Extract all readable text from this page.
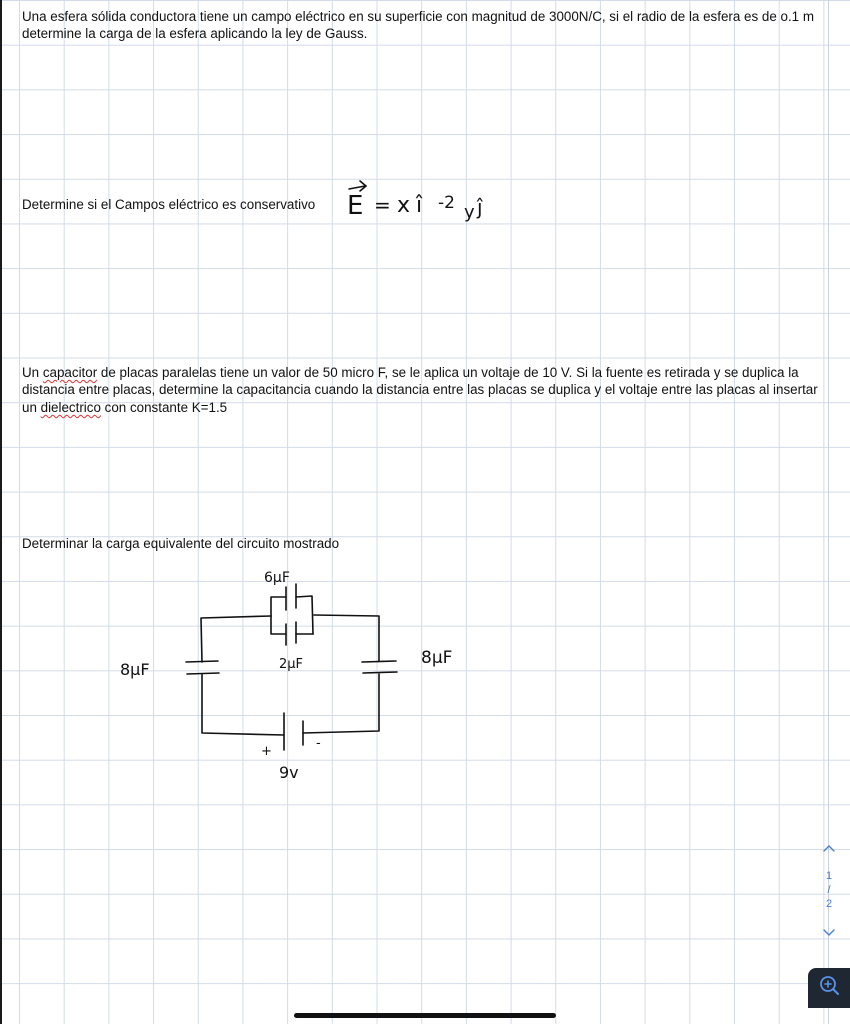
Una esfera sólida conductora tiene un campo eléctrico en su superficie con magnitud de 3000N/C, si el radio de la esfera es de o.1 m determine la carga de la esfera aplicando la ley de Gauss.

Determine si el Campos eléctrico es conservativo

Un capacitor de placas paralelas tiene un valor de 50 micro F, se le aplica un voltaje de 10 V. Si la fuente es retirada y se duplica la distancia entre placas, determine la capacitancia cuando la distancia entre las placas se duplica y el voltaje entre las placas al insertar un dielectrico con constante K=1.5

Determinar la carga equivalente del circuito mostrado

E = x î -2 y ĵ
6μF
2μF
8μF
8μF
+
-
9v
1
/
2
